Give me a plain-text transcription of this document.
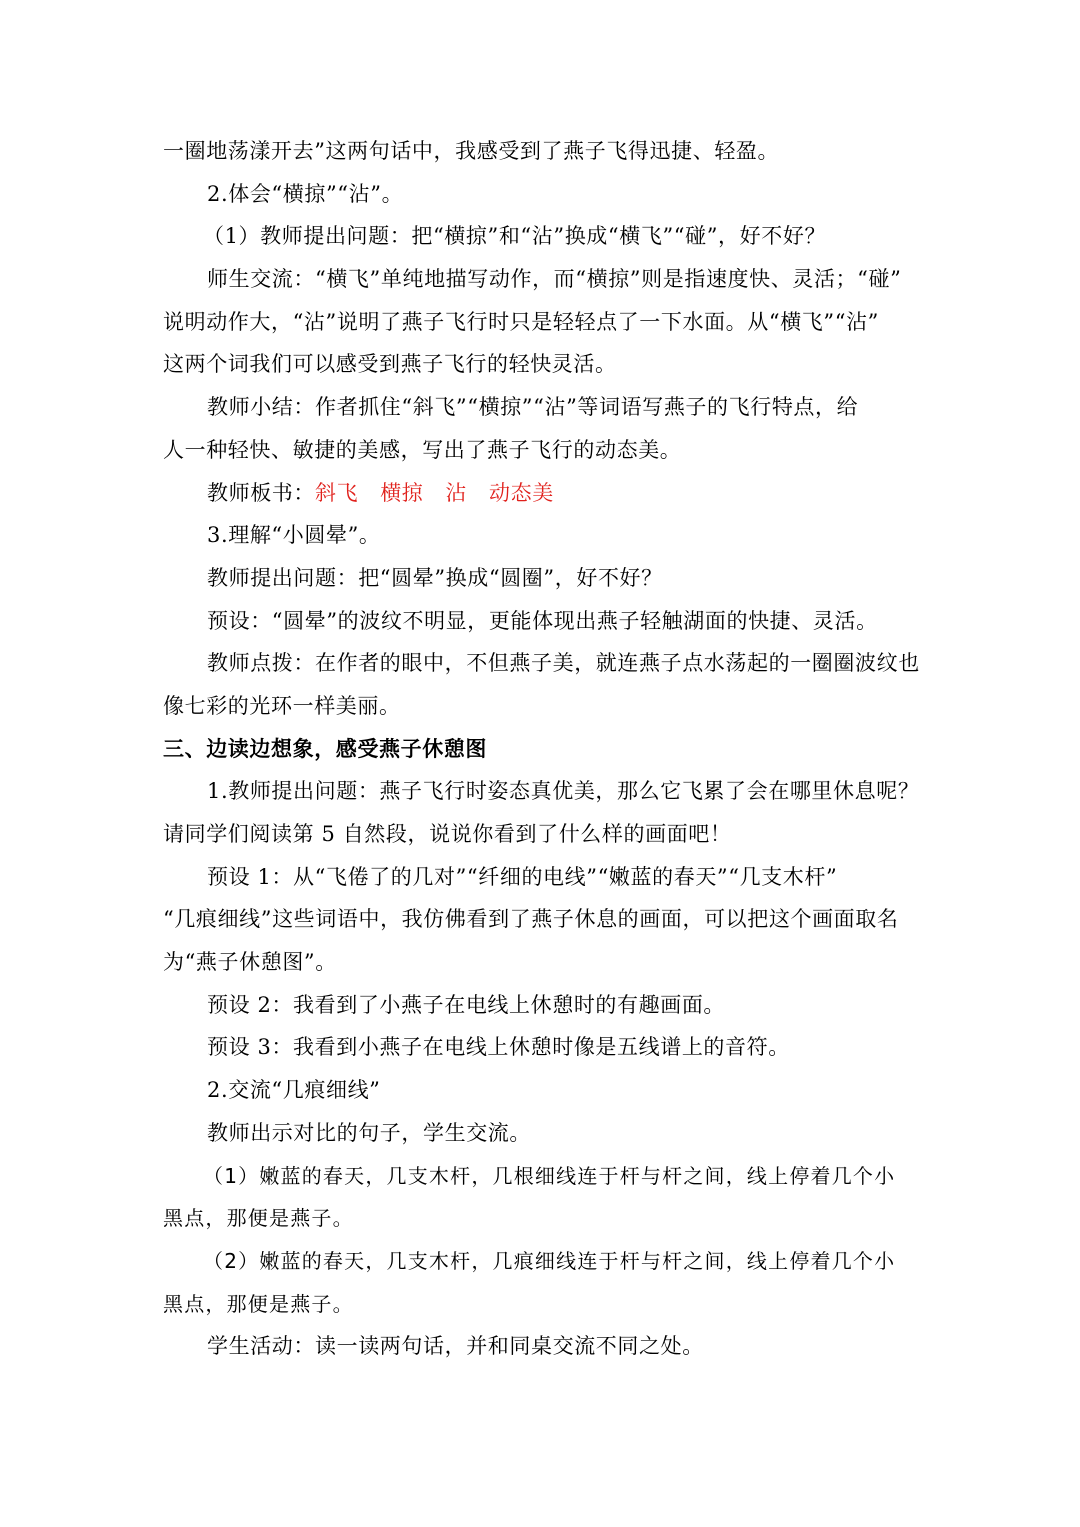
一圈地荡漾开去”这两句话中，我感受到了燕子飞得迅捷、轻盈。
2.体会“横掠”“沾”。
（1）教师提出问题：把“横掠”和“沾”换成“横飞”“碰”，好不好？
师生交流：“横飞”单纯地描写动作，而“横掠”则是指速度快、灵活；“碰”
说明动作大，“沾”说明了燕子飞行时只是轻轻点了一下水面。从“横飞”“沾”
这两个词我们可以感受到燕子飞行的轻快灵活。
教师小结：作者抓住“斜飞”“横掠”“沾”等词语写燕子的飞行特点，给
人一种轻快、敏捷的美感，写出了燕子飞行的动态美。
教师板书：斜飞 横掠 沾 动态美
3.理解“小圆晕”。
教师提出问题：把“圆晕”换成“圆圈”，好不好？
预设：“圆晕”的波纹不明显，更能体现出燕子轻触湖面的快捷、灵活。
教师点拨：在作者的眼中，不但燕子美，就连燕子点水荡起的一圈圈波纹也
像七彩的光环一样美丽。
三、边读边想象，感受燕子休憩图
1.教师提出问题：燕子飞行时姿态真优美，那么它飞累了会在哪里休息呢？
请同学们阅读第 5 自然段，说说你看到了什么样的画面吧！
预设 1：从“飞倦了的几对”“纤细的电线”“嫩蓝的春天”“几支木杆”
“几痕细线”这些词语中，我仿佛看到了燕子休息的画面，可以把这个画面取名
为“燕子休憩图”。
预设 2：我看到了小燕子在电线上休憩时的有趣画面。
预设 3：我看到小燕子在电线上休憩时像是五线谱上的音符。
2.交流“几痕细线”
教师出示对比的句子，学生交流。
（1）嫩蓝的春天，几支木杆，几根细线连于杆与杆之间，线上停着几个小
黑点，那便是燕子。
（2）嫩蓝的春天，几支木杆，几痕细线连于杆与杆之间，线上停着几个小
黑点，那便是燕子。
学生活动：读一读两句话，并和同桌交流不同之处。
